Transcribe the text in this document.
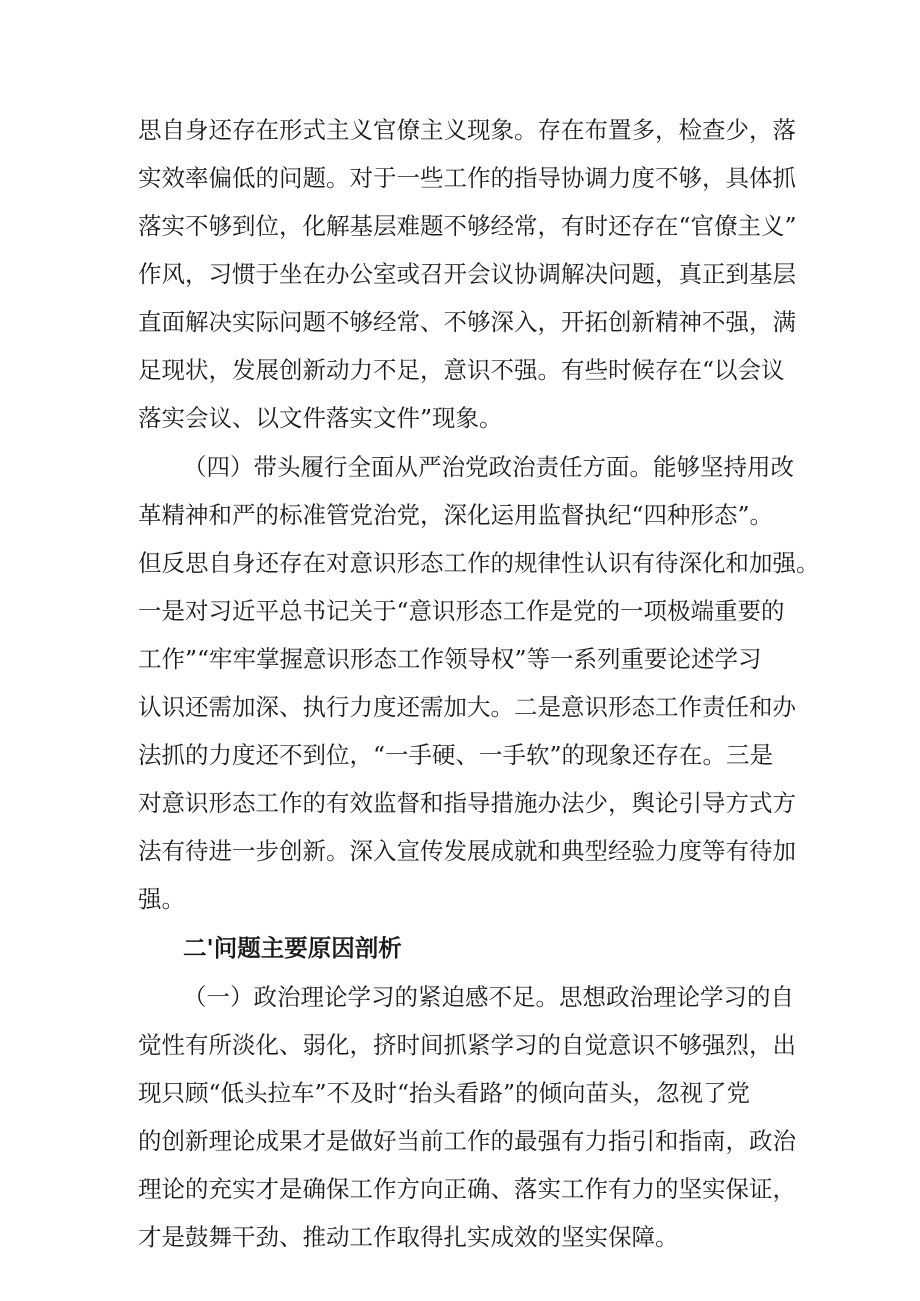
思自身还存在形式主义官僚主义现象。存在布置多，检查少，落
实效率偏低的问题。对于一些工作的指导协调力度不够，具体抓
落实不够到位，化解基层难题不够经常，有时还存在“官僚主义”
作风，习惯于坐在办公室或召开会议协调解决问题，真正到基层
直面解决实际问题不够经常、不够深入，开拓创新精神不强，满
足现状，发展创新动力不足，意识不强。有些时候存在“以会议
落实会议、以文件落实文件”现象。
（四）带头履行全面从严治党政治责任方面。能够坚持用改
革精神和严的标准管党治党，深化运用监督执纪“四种形态”。
但反思自身还存在对意识形态工作的规律性认识有待深化和加强。
一是对习近平总书记关于“意识形态工作是党的一项极端重要的
工作”“牢牢掌握意识形态工作领导权”等一系列重要论述学习
认识还需加深、执行力度还需加大。二是意识形态工作责任和办
法抓的力度还不到位，“一手硬、一手软”的现象还存在。三是
对意识形态工作的有效监督和指导措施办法少，舆论引导方式方
法有待进一步创新。深入宣传发展成就和典型经验力度等有待加
强。
二'问题主要原因剖析
（一）政治理论学习的紧迫感不足。思想政治理论学习的自
觉性有所淡化、弱化，挤时间抓紧学习的自觉意识不够强烈，出
现只顾“低头拉车”不及时“抬头看路”的倾向苗头，忽视了党
的创新理论成果才是做好当前工作的最强有力指引和指南，政治
理论的充实才是确保工作方向正确、落实工作有力的坚实保证，
才是鼓舞干劲、推动工作取得扎实成效的坚实保障。
